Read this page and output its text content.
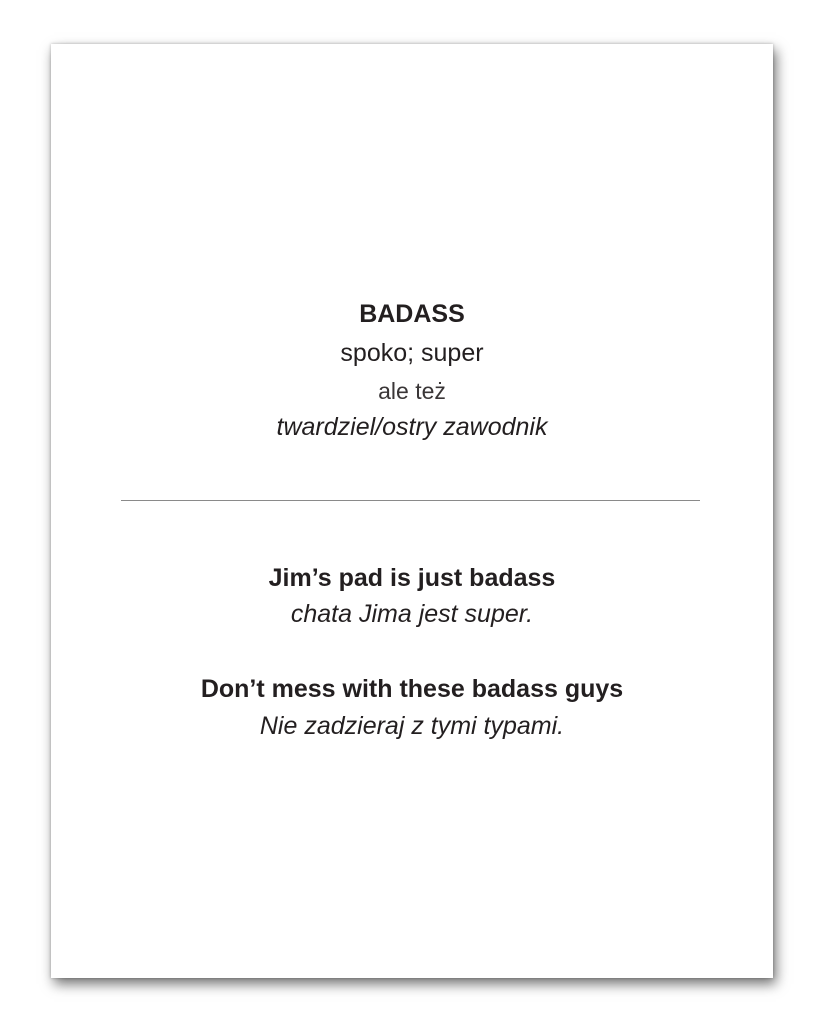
BADASS
spoko; super
ale też
twardziel/ostry zawodnik
Jim’s pad is just badass
chata Jima jest super.
Don’t mess with these badass guys
Nie zadzieraj z tymi typami.
